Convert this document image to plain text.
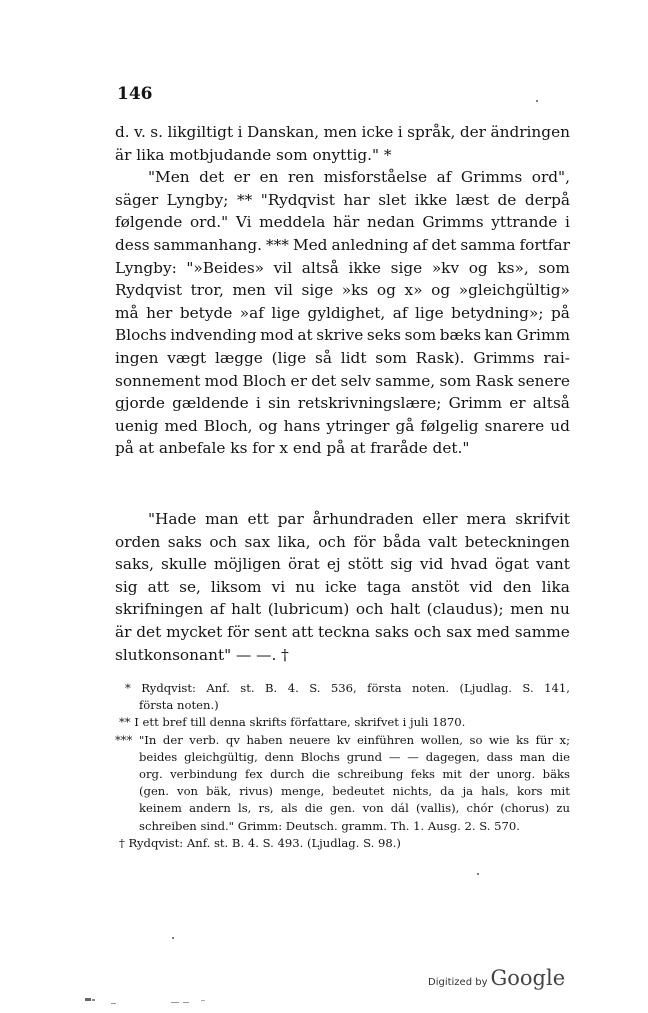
146
d. v. s. likgiltigt i Danskan, men icke i språk, der ändringen
är lika motbjudande som onyttig." *
"Men det er en ren misforståelse af Grimms ord",
säger Lyngby; ** "Rydqvist har slet ikke læst de derpå
følgende ord." Vi meddela här nedan Grimms yttrande i
dess sammanhang. *** Med anledning af det samma fortfar
Lyngby: "»Beides» vil altså ikke sige »kv og ks», som
Rydqvist tror, men vil sige »ks og x» og »gleichgültig»
må her betyde »af lige gyldighet, af lige betydning»; på
Blochs indvending mod at skrive seks som bæks kan Grimm
ingen vægt lægge (lige så lidt som Rask). Grimms rai-
sonnement mod Bloch er det selv samme, som Rask senere
gjorde gældende i sin retskrivningslære; Grimm er altså
uenig med Bloch, og hans ytringer gå følgelig snarere ud
på at anbefale ks for x end på at fraråde det."
"Hade man ett par århundraden eller mera skrifvit
orden saks och sax lika, och för båda valt beteckningen
saks, skulle möjligen örat ej stött sig vid hvad ögat vant
sig att se, liksom vi nu icke taga anstöt vid den lika
skrifningen af halt (lubricum) och halt (claudus); men nu
är det mycket för sent att teckna saks och sax med samme
slutkonsonant" — —. †
* Rydqvist: Anf. st. B. 4. S. 536, första noten. (Ljudlag. S. 141,
första noten.)
** I ett bref till denna skrifts författare, skrifvet i juli 1870.
*** "In der verb. qv haben neuere kv einführen wollen, so wie ks für x;
beides gleichgültig, denn Blochs grund — — dagegen, dass man die
org. verbindung fex durch die schreibung feks mit der unorg. bäks
(gen. von bäk, rivus) menge, bedeutet nichts, da ja hals, kors mit
keinem andern ls, rs, als die gen. von dál (vallis), chór (chorus) zu
schreiben sind." Grimm: Deutsch. gramm. Th. 1. Ausg. 2. S. 570.
† Rydqvist: Anf. st. B. 4. S. 493. (Ljudlag. S. 98.)
Digitized by Google
